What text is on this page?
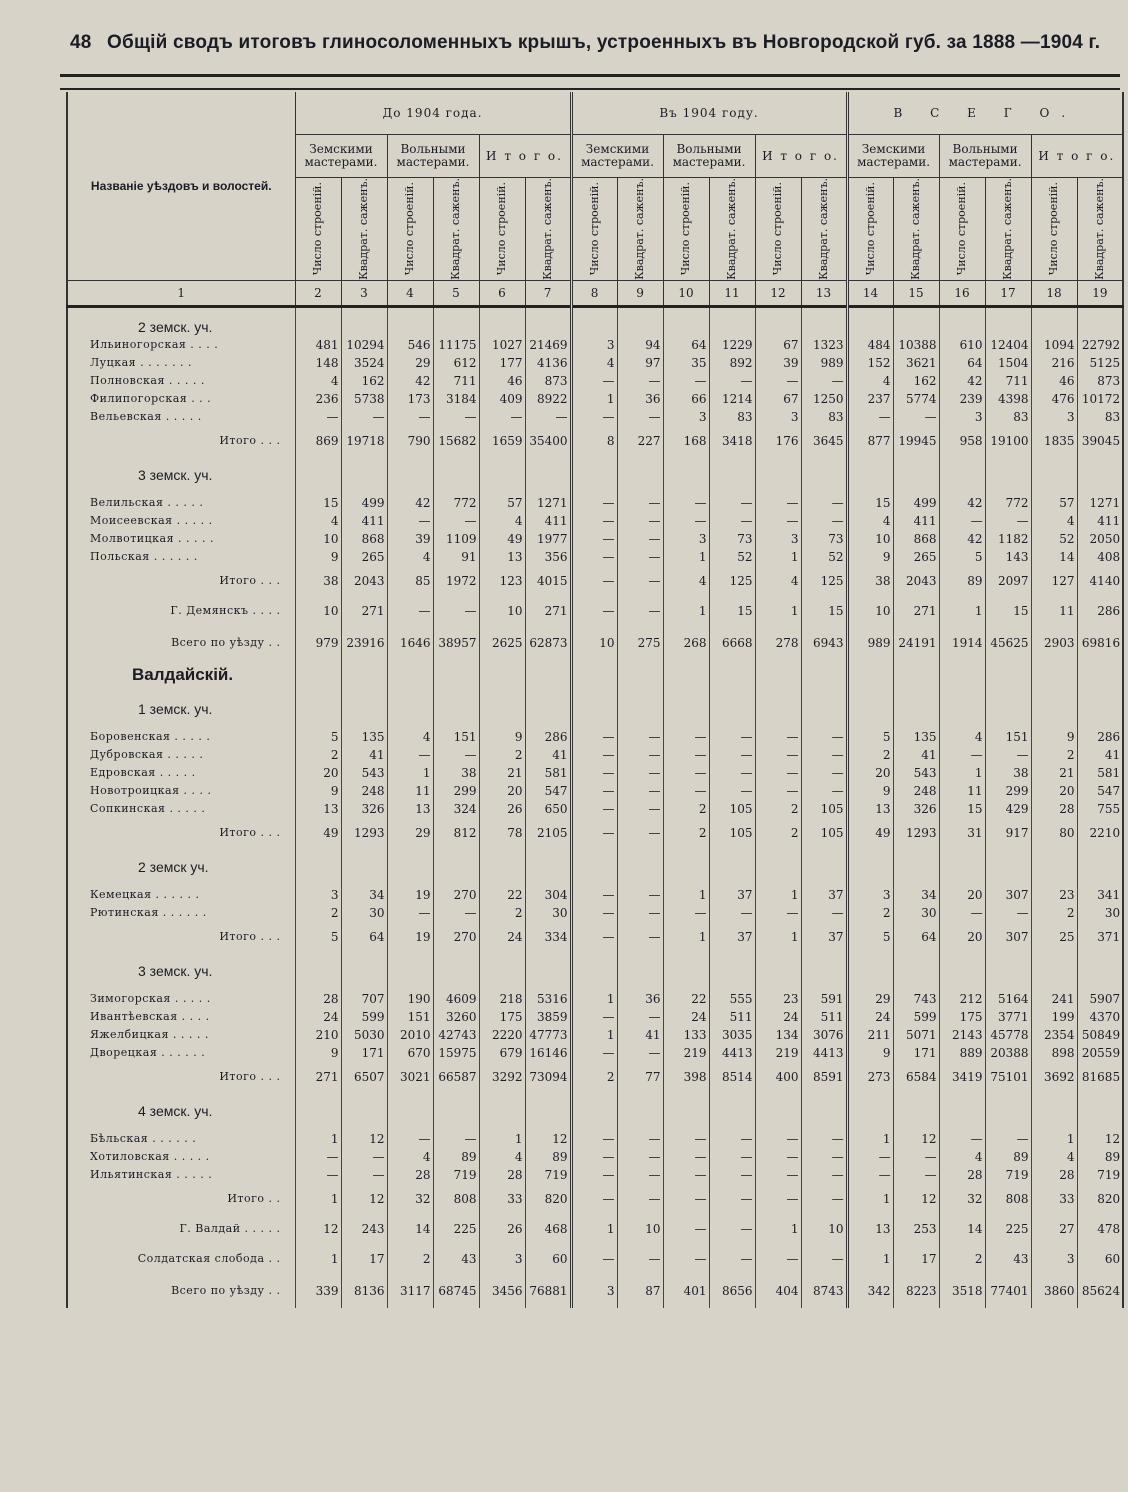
48 Общій сводъ итоговъ глиносоломенныхъ крышъ, устроенныхъ въ Новгородской губ. за 1888 —1904 г.
Названіе уѣздовъ и волостей.	До 1904 года.						Въ 1904 году.						В С Е Г О.					
	Земскими мастерами.		Вольными мастерами.		И т о г о.		Земскими мастерами.		Вольными мастерами.		И т о г о.		Земскими мастерами.		Вольными мастерами.		И т о г о.	

	Число строеній.	Квадрат. саженъ.	Число строеній.	Квадрат. саженъ.	Число строеній.	Квадрат. саженъ.	Число строеній.	Квадрат. саженъ.	Число строеній.	Квадрат. саженъ.	Число строеній.	Квадрат. саженъ.	Число строеній.	Квадрат. саженъ.	Число строеній.	Квадрат. саженъ.	Число строеній.	Квадрат. саженъ.

1	2	3	4	5	6	7	8	9	10	11	12	13	14	15	16	17	18	19
2 земск. уч.																		
Ильиногорская . . . .	481	10294	546	11175	1027	21469	3	94	64	1229	67	1323	484	10388	610	12404	1094	22792
Луцкая . . . . . . .	148	3524	29	612	177	4136	4	97	35	892	39	989	152	3621	64	1504	216	5125
Полновская . . . . .	4	162	42	711	46	873	—	—	—	—	—	—	4	162	42	711	46	873
Филипогорская . . .	236	5738	173	3184	409	8922	1	36	66	1214	67	1250	237	5774	239	4398	476	10172
Вельевская . . . . .	—	—	—	—	—	—	—	—	3	83	3	83	—	—	3	83	3	83
Итого . . .	869	19718	790	15682	1659	35400	8	227	168	3418	176	3645	877	19945	958	19100	1835	39045
3 земск. уч.																		

Велильская . . . . .	15	499	42	772	57	1271	—	—	—	—	—	—	15	499	42	772	57	1271
Моисеевская . . . . .	4	411	—	—	4	411	—	—	—	—	—	—	4	411	—	—	4	411
Молвотицкая . . . . .	10	868	39	1109	49	1977	—	—	3	73	3	73	10	868	42	1182	52	2050
Польская . . . . . .	9	265	4	91	13	356	—	—	1	52	1	52	9	265	5	143	14	408
Итого . . .	38	2043	85	1972	123	4015	—	—	4	125	4	125	38	2043	89	2097	127	4140
Г. Демянскъ . . . .	10	271	—	—	10	271	—	—	1	15	1	15	10	271	1	15	11	286
Всего по уѣзду . .	979	23916	1646	38957	2625	62873	10	275	268	6668	278	6943	989	24191	1914	45625	2903	69816
Валдайскій.																		
1 земск. уч.																		

Боровенская . . . . .	5	135	4	151	9	286	—	—	—	—	—	—	5	135	4	151	9	286
Дубровская . . . . .	2	41	—	—	2	41	—	—	—	—	—	—	2	41	—	—	2	41
Едровская . . . . .	20	543	1	38	21	581	—	—	—	—	—	—	20	543	1	38	21	581
Новотроицкая . . . .	9	248	11	299	20	547	—	—	—	—	—	—	9	248	11	299	20	547
Сопкинская . . . . .	13	326	13	324	26	650	—	—	2	105	2	105	13	326	15	429	28	755
Итого . . .	49	1293	29	812	78	2105	—	—	2	105	2	105	49	1293	31	917	80	2210
2 земск уч.																		

Кемецкая . . . . . .	3	34	19	270	22	304	—	—	1	37	1	37	3	34	20	307	23	341
Рютинская . . . . . .	2	30	—	—	2	30	—	—	—	—	—	—	2	30	—	—	2	30
Итого . . .	5	64	19	270	24	334	—	—	1	37	1	37	5	64	20	307	25	371
3 земск. уч.																		

Зимогорская . . . . .	28	707	190	4609	218	5316	1	36	22	555	23	591	29	743	212	5164	241	5907
Ивантѣевская . . . .	24	599	151	3260	175	3859	—	—	24	511	24	511	24	599	175	3771	199	4370
Яжелбицкая . . . . .	210	5030	2010	42743	2220	47773	1	41	133	3035	134	3076	211	5071	2143	45778	2354	50849
Дворецкая . . . . . .	9	171	670	15975	679	16146	—	—	219	4413	219	4413	9	171	889	20388	898	20559
Итого . . .	271	6507	3021	66587	3292	73094	2	77	398	8514	400	8591	273	6584	3419	75101	3692	81685
4 земск. уч.																		

Бѣльская . . . . . .	1	12	—	—	1	12	—	—	—	—	—	—	1	12	—	—	1	12
Хотиловская . . . . .	—	—	4	89	4	89	—	—	—	—	—	—	—	—	4	89	4	89
Ильятинская . . . . .	—	—	28	719	28	719	—	—	—	—	—	—	—	—	28	719	28	719
Итого . .	1	12	32	808	33	820	—	—	—	—	—	—	1	12	32	808	33	820
Г. Валдай . . . . .	12	243	14	225	26	468	1	10	—	—	1	10	13	253	14	225	27	478
Солдатская слобода . .	1	17	2	43	3	60	—	—	—	—	—	—	1	17	2	43	3	60
Всего по уѣзду . .	339	8136	3117	68745	3456	76881	3	87	401	8656	404	8743	342	8223	3518	77401	3860	85624
